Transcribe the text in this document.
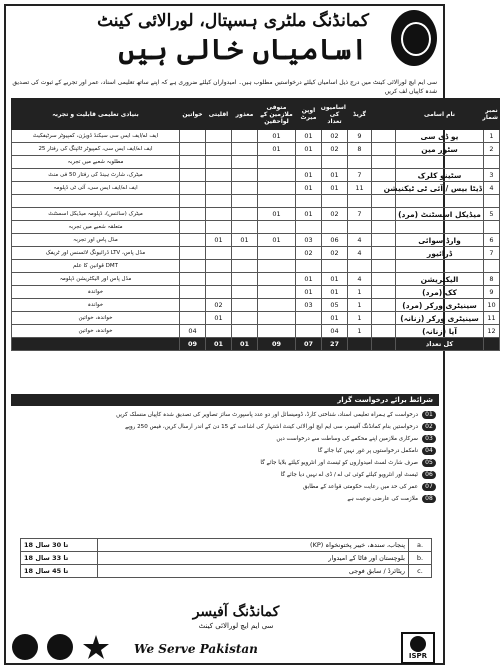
کمانڈنگ ملٹری ہسپتال، لورالائی کینٹ
اسامیاں خالی ہیں
سی ایم ایچ لورالائی کینٹ میں درج ذیل اسامیاں کیلئے درخواستیں مطلوب ہیں۔ امیدواران کیلئے ضروری ہے کہ اپنے ساتھ تعلیمی اسناد، عمر اور تجربے کے ثبوت کی تصدیق شدہ کاپیاں لف کریں
بنیادی تعلیمی قابلیت و تجربہ	خواتین	اقلیتی	معذور	متوفی ملازمین کے لواحقین	اوپن میرٹ	اسامیوں کی تعداد	گریڈ		نام اسامی	نمبر شمار
ایف اے/ایف ایس سی سیکنڈ ڈویژن، کمپیوٹر سرٹیفکیٹ				01	01	02	9		یو ڈی سی	1
ایف اے/ایف ایس سی، کمپیوٹر ٹائپنگ کی رفتار 25				01	01	02	8		سٹور مین	2
مطلوبہ شعبے میں تجربہ										
میٹرک، شارٹ ہینڈ کی رفتار 50 فی منٹ					01	01	7		سٹینو کلرک	3
ایف اے/ایف ایس سی، آئی ٹی ڈپلومہ					01	01	11		ڈیٹا بیس / آئی ٹی ٹیکنیشن	4

میٹرک (سائنس)، ڈپلومہ میڈیکل اسسٹنٹ				01	01	02	7		میڈیکل اسسٹنٹ (مرد)	5
متعلقہ شعبے میں تجربہ										
مڈل پاس اور تجربہ		01	01	01	03	06	4		وارڈ سوائی	6
مڈل پاس، LTV ڈرائیونگ لائسنس اور ٹریفک					02	02	4		ڈرائیور	7
DMT قوانین کا علم										
مڈل پاس اور الیکٹریشن ڈپلومہ					01	01	4		الیکٹریشن	8
خواندہ					01	01	1		کک (مرد)	9
خواندہ		02			03	05	1		سینیٹری ورکر (مرد)	10
خواندہ، خواتین		01				01	1		سینیٹری ورکر (زنانہ)	11
خواندہ، خواتین	04					04	1		آیا (زنانہ)	12
	09	01	01	09	07	27			کل تعداد	
شرائط برائے درخواست گزار
01
درخواست کے ہمراہ تعلیمی اسناد، شناختی کارڈ، ڈومیسائل اور دو عدد پاسپورٹ سائز تصاویر کی تصدیق شدہ کاپیاں منسلک کریں
02
درخواستیں بنام کمانڈنگ آفیسر، سی ایم ایچ لورالائی کینٹ اشتہار کی اشاعت کے 15 دن کے اندر ارسال کریں، فیس 250 روپے
03
سرکاری ملازمین اپنے محکمے کی وساطت سے درخواست دیں
04
نامکمل درخواستوں پر غور نہیں کیا جائے گا
05
صرف شارٹ لسٹ امیدواروں کو ٹیسٹ اور انٹرویو کیلئے بلایا جائے گا
06
ٹیسٹ اور انٹرویو کیلئے کوئی ٹی اے / ڈی اے نہیں دیا جائے گا
07
عمر کی حد میں رعایت حکومتی قواعد کے مطابق
08
ملازمت کی عارضی نوعیت ہے
18 تا 30 سال	پنجاب، سندھ، خیبر پختونخواہ (KP)	a.
18 تا 33 سال	بلوچستان اور فاٹا کے امیدوار	b.
18 تا 45 سال	ریٹائرڈ / سابق فوجی	c.
کمانڈنگ آفیسر
سی ایم ایچ لورالائی کینٹ

We Serve Pakistan	ISPR
